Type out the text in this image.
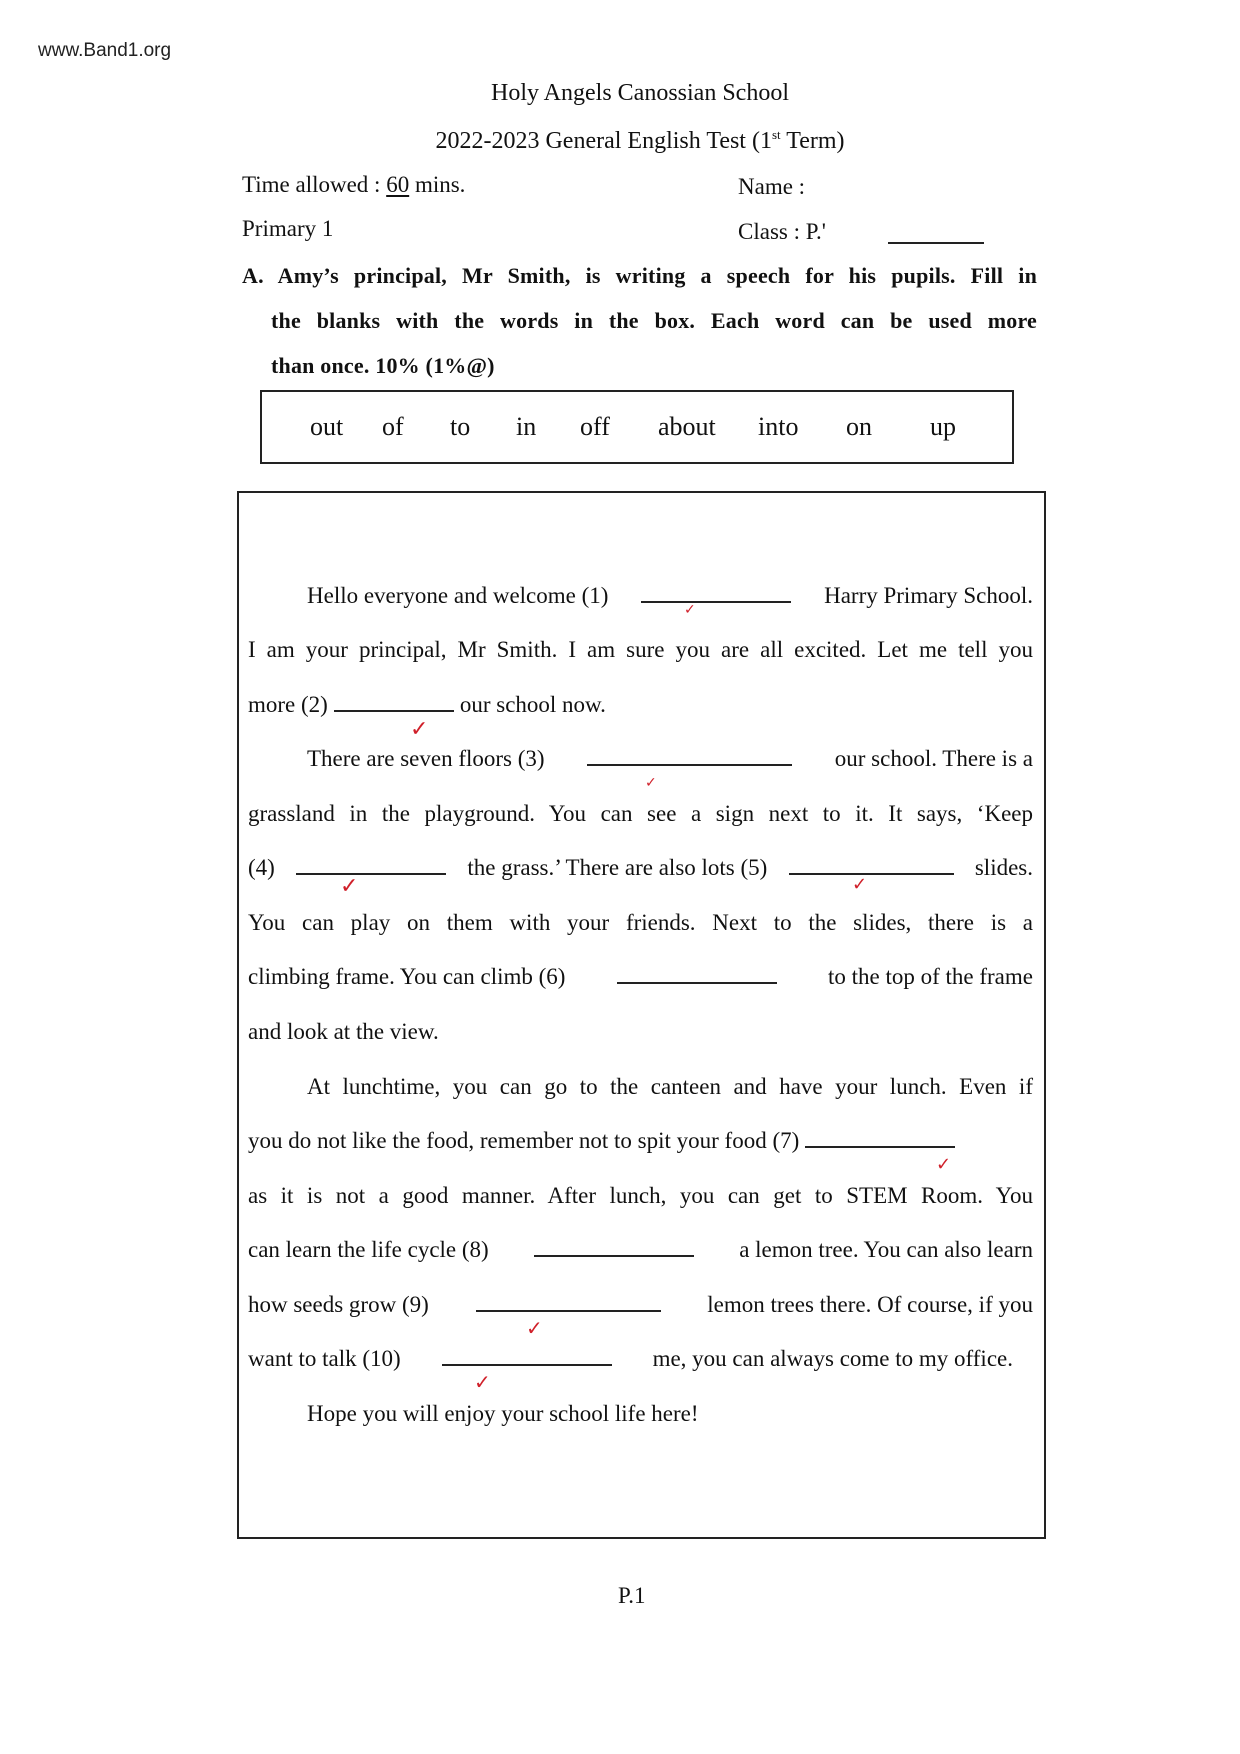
www.Band1.org
Holy Angels Canossian School
2022-2023 General English Test (1st Term)
Time allowed : 60 mins.	Name :
Primary 1	Class : P.'
A. Amy’s principal, Mr Smith, is writing a speech for his pupils. Fill in
the blanks with the words in the box. Each word can be used more
than once. 10% (1%@)
out of to in off about into on up
Hello everyone and welcome (1)	Harry Primary School.
I am your principal, Mr Smith. I am sure you are all excited. Let me tell you
more (2)	our school now.
There are seven floors (3)	our school. There is a
grassland in the playground. You can see a sign next to it. It says, ‘Keep
(4)	the grass.’ There are also lots (5)	slides.
You can play on them with your friends. Next to the slides, there is a
climbing frame. You can climb (6)	to the top of the frame
and look at the view.
At lunchtime, you can go to the canteen and have your lunch. Even if
you do not like the food, remember not to spit your food (7)
as it is not a good manner. After lunch, you can get to STEM Room. You
can learn the life cycle (8)	a lemon tree. You can also learn
how seeds grow (9)	lemon trees there. Of course, if you
want to talk (10)	me, you can always come to my office.
Hope you will enjoy your school life here!
✓
✓
✓
✓	✓
✓
✓
✓
P.1
